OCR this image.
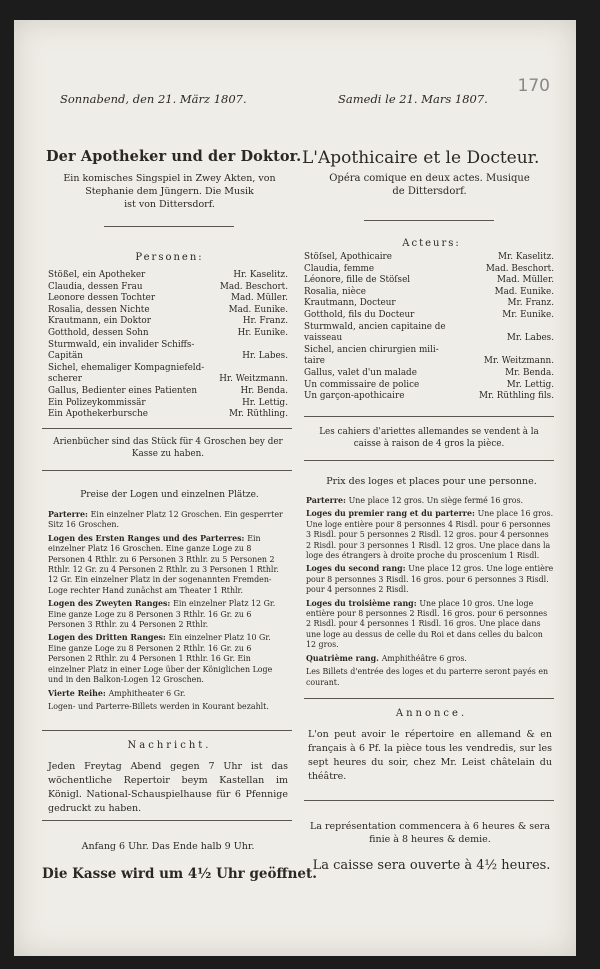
170
Sonnabend, den 21. März 1807.
Der Apotheker und der Doktor.
Ein komisches Singspiel in Zwey Akten, von
Stephanie dem Jüngern. Die Musik
ist von Dittersdorf.
Personen:
Stößel, ein Apotheker	Hr. Kaselitz.
Claudia, dessen Frau	Mad. Beschort.
Leonore dessen Tochter	Mad. Müller.
Rosalia, dessen Nichte	Mad. Eunike.
Krautmann, ein Doktor	Hr. Franz.
Gotthold, dessen Sohn	Hr. Eunike.
Sturmwald, ein invalider Schiffs-
Capitän	Hr. Labes.
Sichel, ehemaliger Kompagniefeld-
scherer	Hr. Weitzmann.
Gallus, Bedienter eines Patienten	Hr. Benda.
Ein Polizeykommissär	Hr. Lettig.
Ein Apothekerbursche	Mr. Rüthling.
Arienbücher sind das Stück für 4 Groschen bey der Kasse zu haben.
Preise der Logen und einzelnen Plätze.

Parterre: Ein einzelner Platz 12 Groschen. Ein gesperrter Sitz 16 Groschen.

Logen des Ersten Ranges und des Parterres: Ein einzelner Platz 16 Groschen. Eine ganze Loge zu 8 Personen 4 Rthlr. zu 6 Personen 3 Rthlr. zu 5 Personen 2 Rthlr. 12 Gr. zu 4 Personen 2 Rthlr. zu 3 Personen 1 Rthlr. 12 Gr. Ein einzelner Platz in der sogenannten Fremden-Loge rechter Hand zunächst am Theater 1 Rthlr.

Logen des Zweyten Ranges: Ein einzelner Platz 12 Gr. Eine ganze Loge zu 8 Personen 3 Rthlr. 16 Gr. zu 6 Personen 3 Rthlr. zu 4 Personen 2 Rthlr.

Logen des Dritten Ranges: Ein einzelner Platz 10 Gr. Eine ganze Loge zu 8 Personen 2 Rthlr. 16 Gr. zu 6 Personen 2 Rthlr. zu 4 Personen 1 Rthlr. 16 Gr. Ein einzelner Platz in einer Loge über der Königlichen Loge und in den Balkon-Logen 12 Groschen.

Vierte Reihe: Amphitheater 6 Gr.

Logen- und Parterre-Billets werden in Kourant bezahlt.

Nachricht.
Jeden Freytag Abend gegen 7 Uhr ist das wöchentliche Repertoir beym Kastellan im Königl. National-Schauspielhause für 6 Pfennige gedruckt zu haben.
Anfang 6 Uhr. Das Ende halb 9 Uhr.
Die Kasse wird um 4½ Uhr geöffnet.
Samedi le 21. Mars 1807.
L'Apothicaire et le Docteur.
Opéra comique en deux actes. Musique
de Dittersdorf.
Acteurs:
Stöſsel, Apothicaire	Mr. Kaselitz.
Claudia, femme	Mad. Beschort.
Léonore, fille de Stöſsel	Mad. Müller.
Rosalia, nièce	Mad. Eunike.
Krautmann, Docteur	Mr. Franz.
Gotthold, fils du Docteur	Mr. Eunike.
Sturmwald, ancien capitaine de
vaisseau	Mr. Labes.
Sichel, ancien chirurgien mili-
taire	Mr. Weitzmann.
Gallus, valet d'un malade	Mr. Benda.
Un commissaire de police	Mr. Lettig.
Un garçon-apothicaire	Mr. Rüthling fils.
Les cahiers d'ariettes allemandes se vendent à la caisse à raison de 4 gros la pièce.
Prix des loges et places pour une personne.

Parterre: Une place 12 gros. Un siège fermé 16 gros.

Loges du premier rang et du parterre: Une place 16 gros. Une loge entière pour 8 personnes 4 Risdl. pour 6 personnes 3 Risdl. pour 5 personnes 2 Risdl. 12 gros. pour 4 personnes 2 Risdl. pour 3 personnes 1 Risdl. 12 gros. Une place dans la loge des étrangers à droite proche du proscenium 1 Risdl.

Loges du second rang: Une place 12 gros. Une loge entière pour 8 personnes 3 Risdl. 16 gros. pour 6 personnes 3 Risdl. pour 4 personnes 2 Risdl.

Loges du troisième rang: Une place 10 gros. Une loge entière pour 8 personnes 2 Risdl. 16 gros. pour 6 personnes 2 Risdl. pour 4 personnes 1 Risdl. 16 gros. Une place dans une loge au dessus de celle du Roi et dans celles du balcon 12 gros.

Quatrième rang. Amphithéâtre 6 gros.

Les Billets d'entrée des loges et du parterre seront payés en courant.

Annonce.
L'on peut avoir le répertoire en allemand & en français à 6 Pf. la pièce tous les vendredis, sur les sept heures du soir, chez Mr. Leist châtelain du théâtre.
La représentation commencera à 6 heures & sera finie à 8 heures & demie.
La caisse sera ouverte à 4½ heures.
